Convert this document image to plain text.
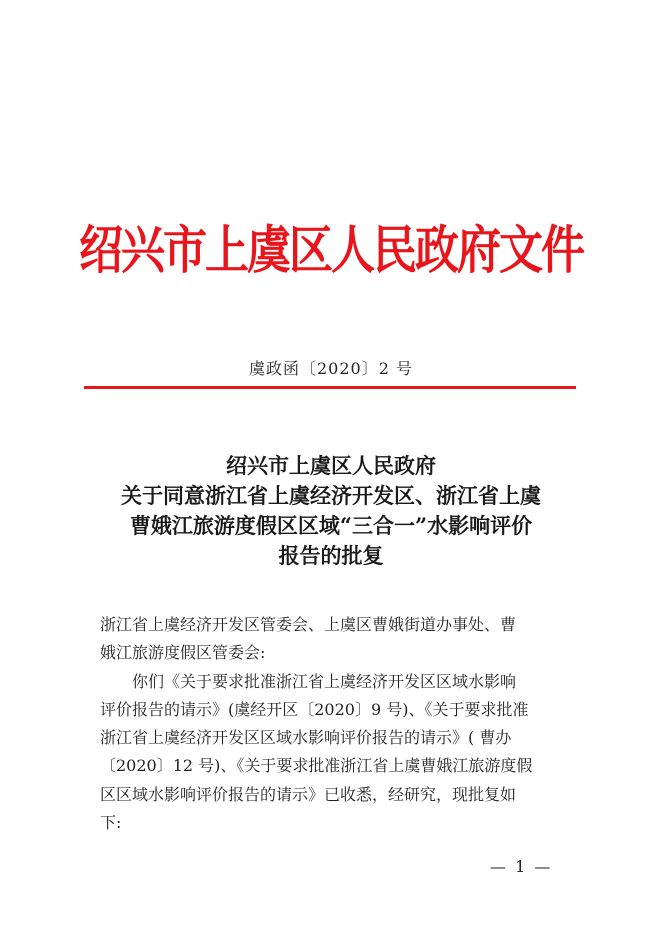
绍兴市上虞区人民政府文件
虞政函〔2020〕2 号
绍兴市上虞区人民政府
关于同意浙江省上虞经济开发区、浙江省上虞
曹娥江旅游度假区区域“三合一”水影响评价
报告的批复
浙江省上虞经济开发区管委会、上虞区曹娥街道办事处、曹
娥江旅游度假区管委会:
你们《关于要求批准浙江省上虞经济开发区区域水影响
评价报告的请示》(虞经开区〔2020〕9 号)、《关于要求批准
浙江省上虞经济开发区区域水影响评价报告的请示》( 曹办
〔2020〕12 号)、《关于要求批准浙江省上虞曹娥江旅游度假
区区域水影响评价报告的请示》已收悉，经研究，现批复如
下:
— 1 —
